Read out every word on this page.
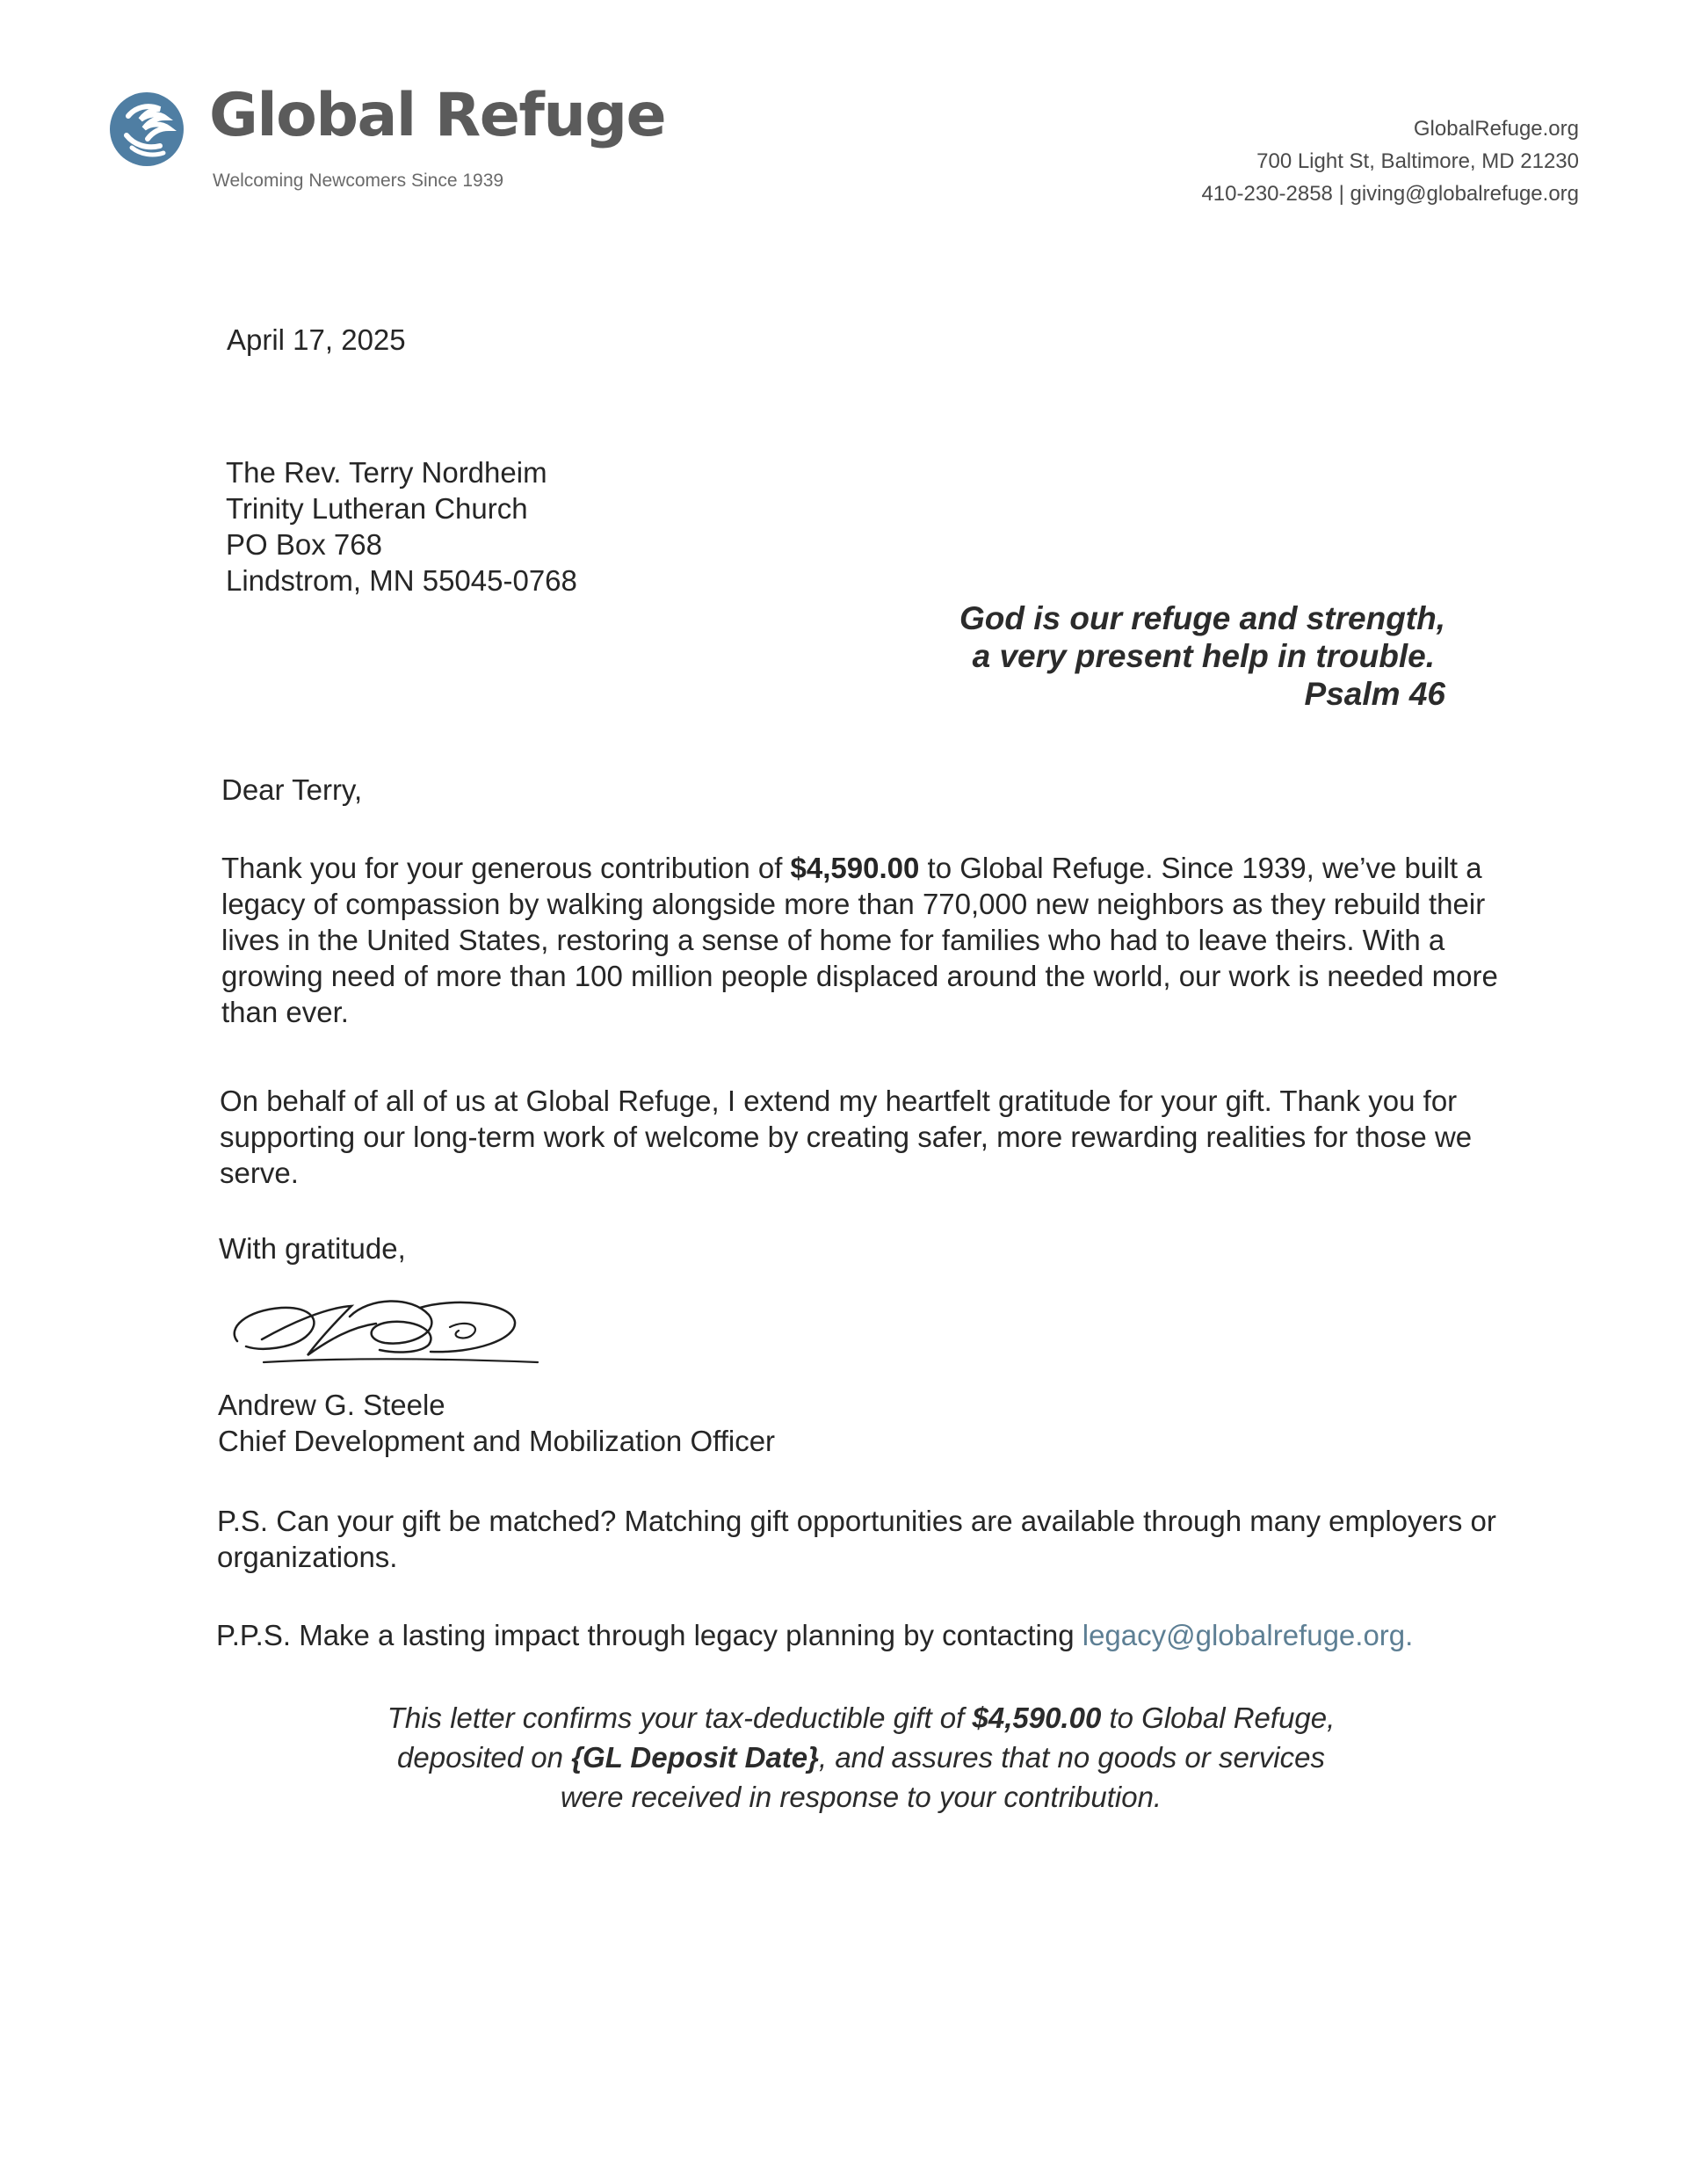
Global Refuge
Welcoming Newcomers Since 1939
GlobalRefuge.org
700 Light St, Baltimore, MD 21230
410-230-2858 | giving@globalrefuge.org
April 17, 2025
The Rev. Terry Nordheim
Trinity Lutheran Church
PO Box 768
Lindstrom, MN 55045-0768
God is our refuge and strength,
a very present help in trouble.
Psalm 46
Dear Terry,
Thank you for your generous contribution of $4,590.00 to Global Refuge. Since 1939, we’ve built a legacy of compassion by walking alongside more than 770,000 new neighbors as they rebuild their lives in the United States, restoring a sense of home for families who had to leave theirs. With a growing need of more than 100 million people displaced around the world, our work is needed more than ever.
On behalf of all of us at Global Refuge, I extend my heartfelt gratitude for your gift. Thank you for supporting our long-term work of welcome by creating safer, more rewarding realities for those we serve.
With gratitude,
Andrew G. Steele
Chief Development and Mobilization Officer
P.S. Can your gift be matched? Matching gift opportunities are available through many employers or organizations.
P.P.S. Make a lasting impact through legacy planning by contacting legacy@globalrefuge.org.
This letter confirms your tax-deductible gift of $4,590.00 to Global Refuge,
deposited on {GL Deposit Date}, and assures that no goods or services
were received in response to your contribution.
